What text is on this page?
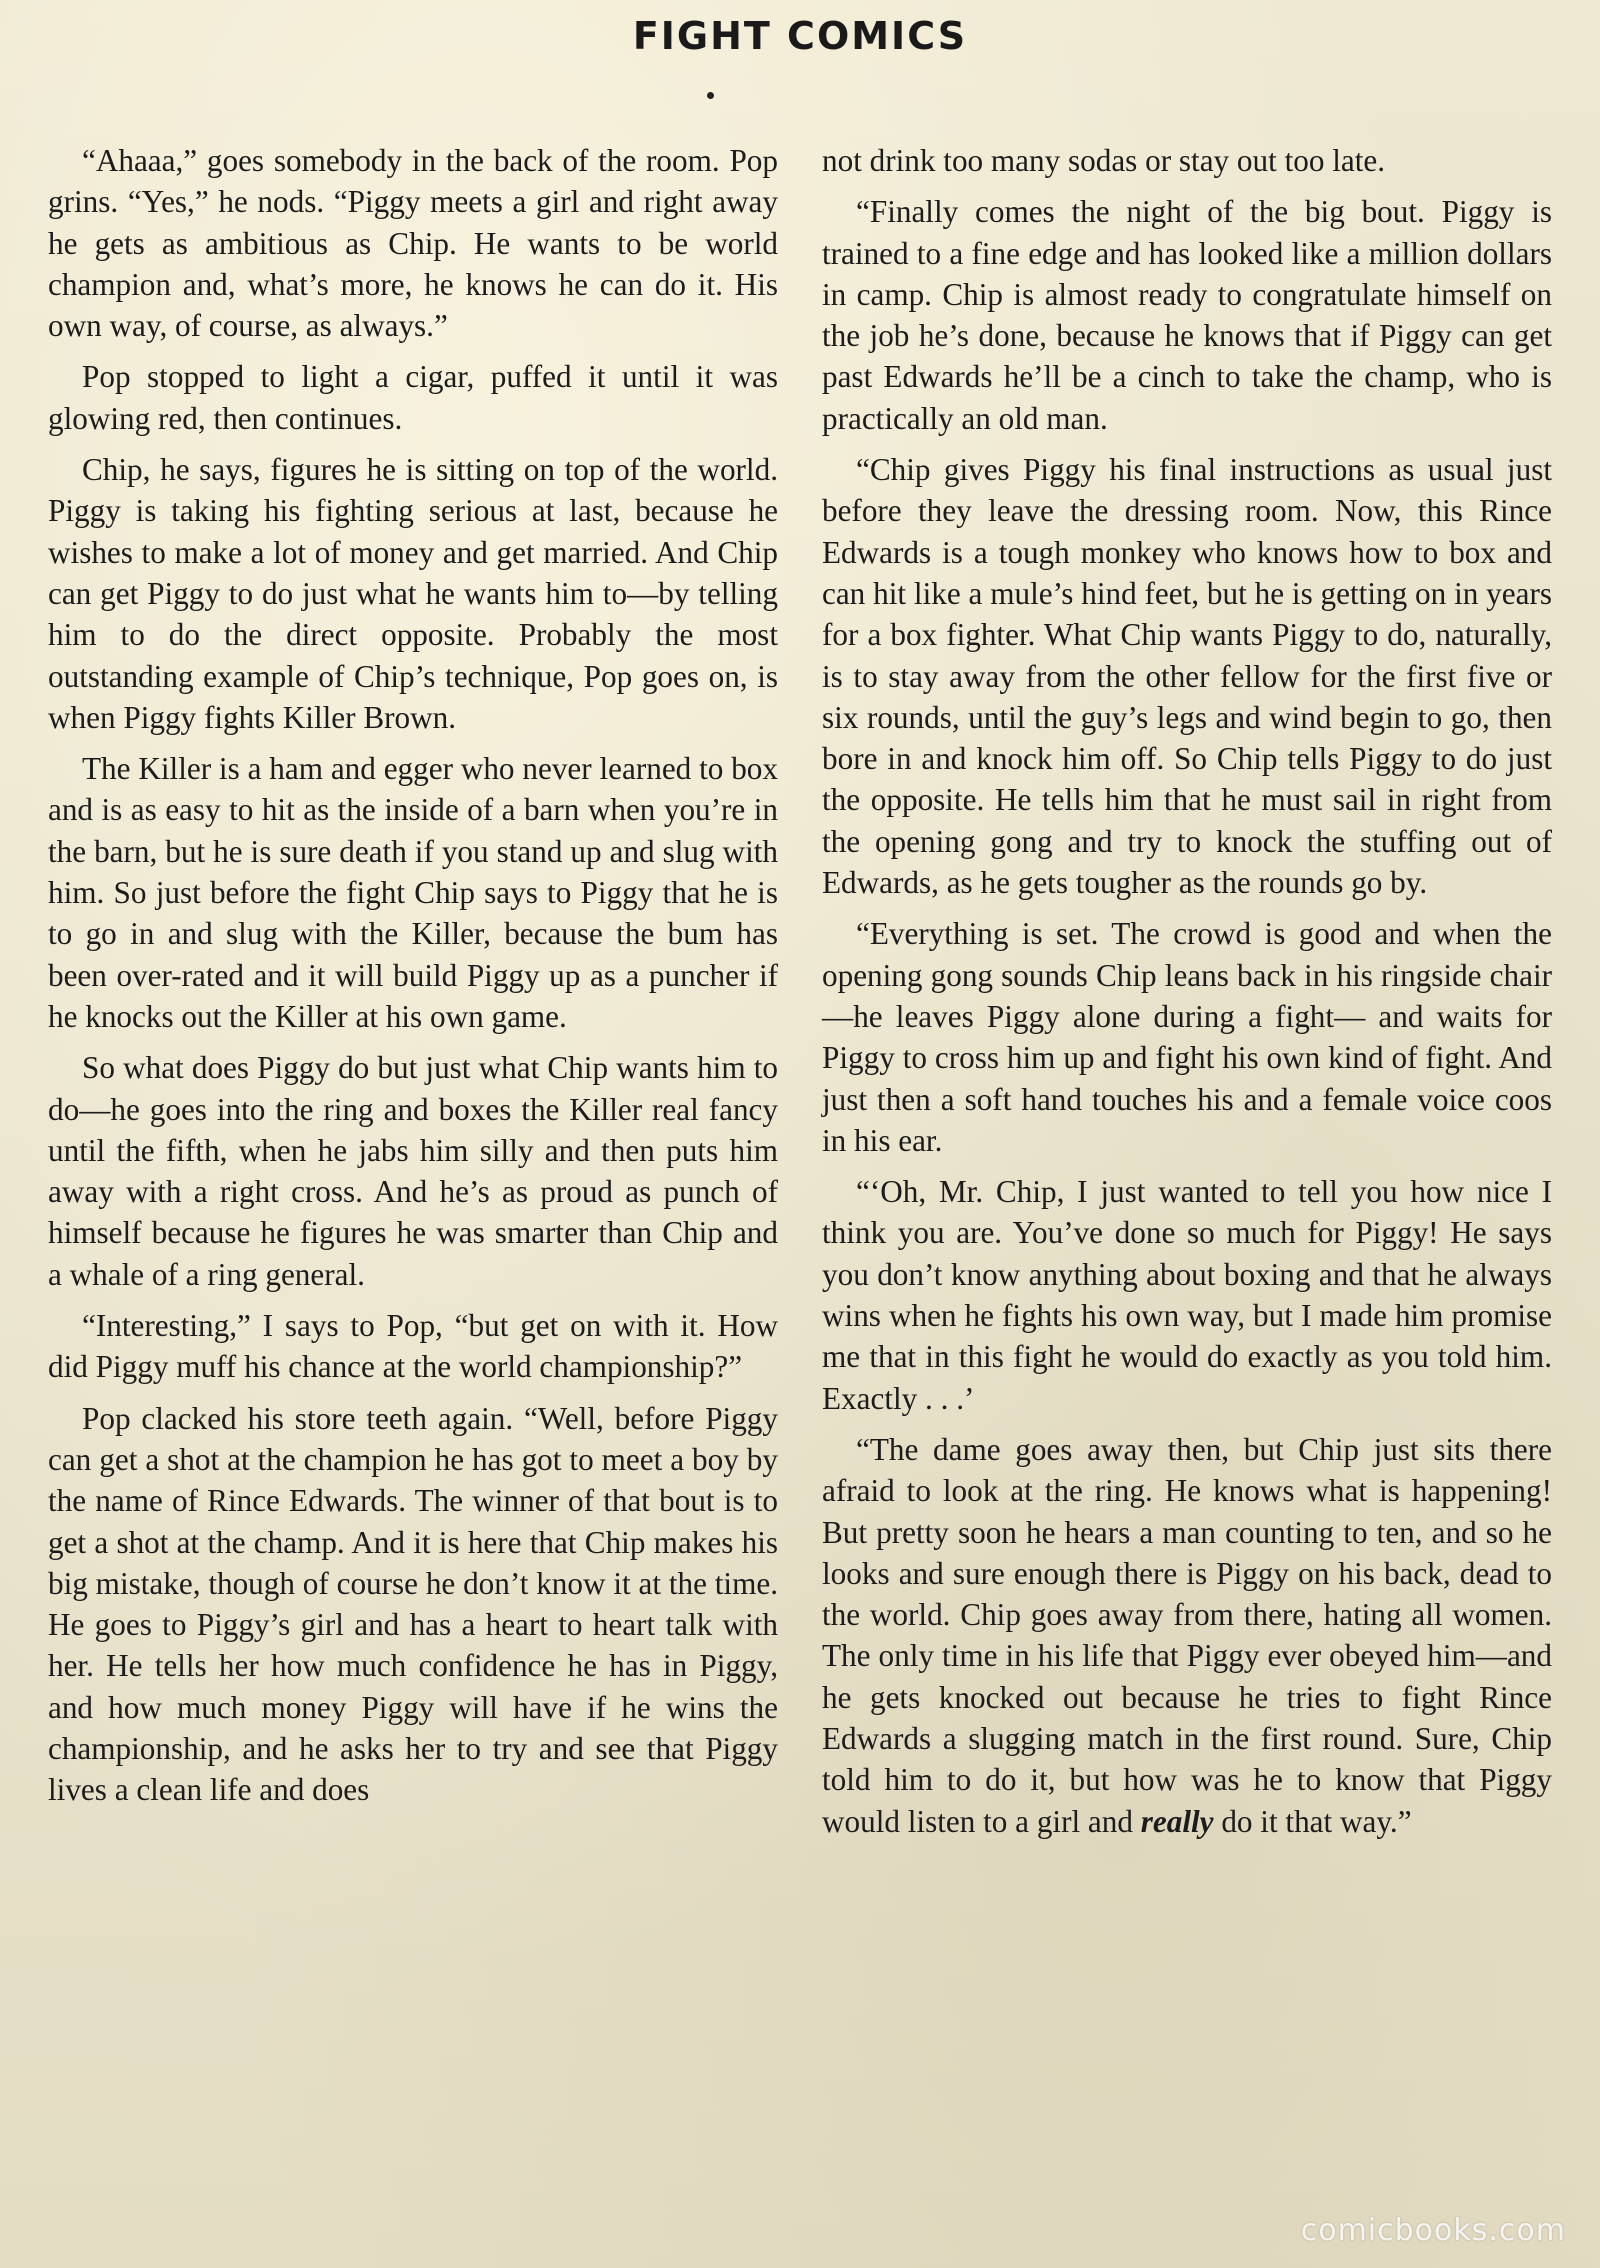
FIGHT COMICS

“Ahaaa,” goes somebody in the back of the room. Pop grins. “Yes,” he nods. “Piggy meets a girl and right away he gets as ambitious as Chip. He wants to be world champion and, what’s more, he knows he can do it. His own way, of course, as always.”

Pop stopped to light a cigar, puffed it until it was glowing red, then continues.

Chip, he says, figures he is sitting on top of the world. Piggy is taking his fighting serious at last, because he wishes to make a lot of money and get married. And Chip can get Piggy to do just what he wants him to—by telling him to do the direct opposite. Probably the most outstanding example of Chip’s technique, Pop goes on, is when Piggy fights Killer Brown.

The Killer is a ham and egger who never learned to box and is as easy to hit as the inside of a barn when you’re in the barn, but he is sure death if you stand up and slug with him. So just before the fight Chip says to Piggy that he is to go in and slug with the Killer, because the bum has been over-rated and it will build Piggy up as a puncher if he knocks out the Killer at his own game.

So what does Piggy do but just what Chip wants him to do—he goes into the ring and boxes the Killer real fancy until the fifth, when he jabs him silly and then puts him away with a right cross. And he’s as proud as punch of himself because he figures he was smarter than Chip and a whale of a ring general.

“Interesting,” I says to Pop, “but get on with it. How did Piggy muff his chance at the world championship?”

Pop clacked his store teeth again. “Well, before Piggy can get a shot at the champion he has got to meet a boy by the name of Rince Edwards. The winner of that bout is to get a shot at the champ. And it is here that Chip makes his big mistake, though of course he don’t know it at the time. He goes to Piggy’s girl and has a heart to heart talk with her. He tells her how much confidence he has in Piggy, and how much money Piggy will have if he wins the championship, and he asks her to try and see that Piggy lives a clean life and does

not drink too many sodas or stay out too late.

“Finally comes the night of the big bout. Piggy is trained to a fine edge and has looked like a million dollars in camp. Chip is almost ready to congratulate himself on the job he’s done, because he knows that if Piggy can get past Edwards he’ll be a cinch to take the champ, who is practically an old man.

“Chip gives Piggy his final instructions as usual just before they leave the dressing room. Now, this Rince Edwards is a tough monkey who knows how to box and can hit like a mule’s hind feet, but he is getting on in years for a box fighter. What Chip wants Piggy to do, naturally, is to stay away from the other fellow for the first five or six rounds, until the guy’s legs and wind begin to go, then bore in and knock him off. So Chip tells Piggy to do just the opposite. He tells him that he must sail in right from the opening gong and try to knock the stuffing out of Edwards, as he gets tougher as the rounds go by.

“Everything is set. The crowd is good and when the opening gong sounds Chip leans back in his ringside chair—he leaves Piggy alone during a fight— and waits for Piggy to cross him up and fight his own kind of fight. And just then a soft hand touches his and a female voice coos in his ear.

“‘Oh, Mr. Chip, I just wanted to tell you how nice I think you are. You’ve done so much for Piggy! He says you don’t know anything about boxing and that he always wins when he fights his own way, but I made him promise me that in this fight he would do exactly as you told him. Exactly . . .’

“The dame goes away then, but Chip just sits there afraid to look at the ring. He knows what is happening! But pretty soon he hears a man counting to ten, and so he looks and sure enough there is Piggy on his back, dead to the world. Chip goes away from there, hating all women. The only time in his life that Piggy ever obeyed him—and he gets knocked out because he tries to fight Rince Edwards a slugging match in the first round. Sure, Chip told him to do it, but how was he to know that Piggy would listen to a girl and really do it that way.”

comicbooks.com
